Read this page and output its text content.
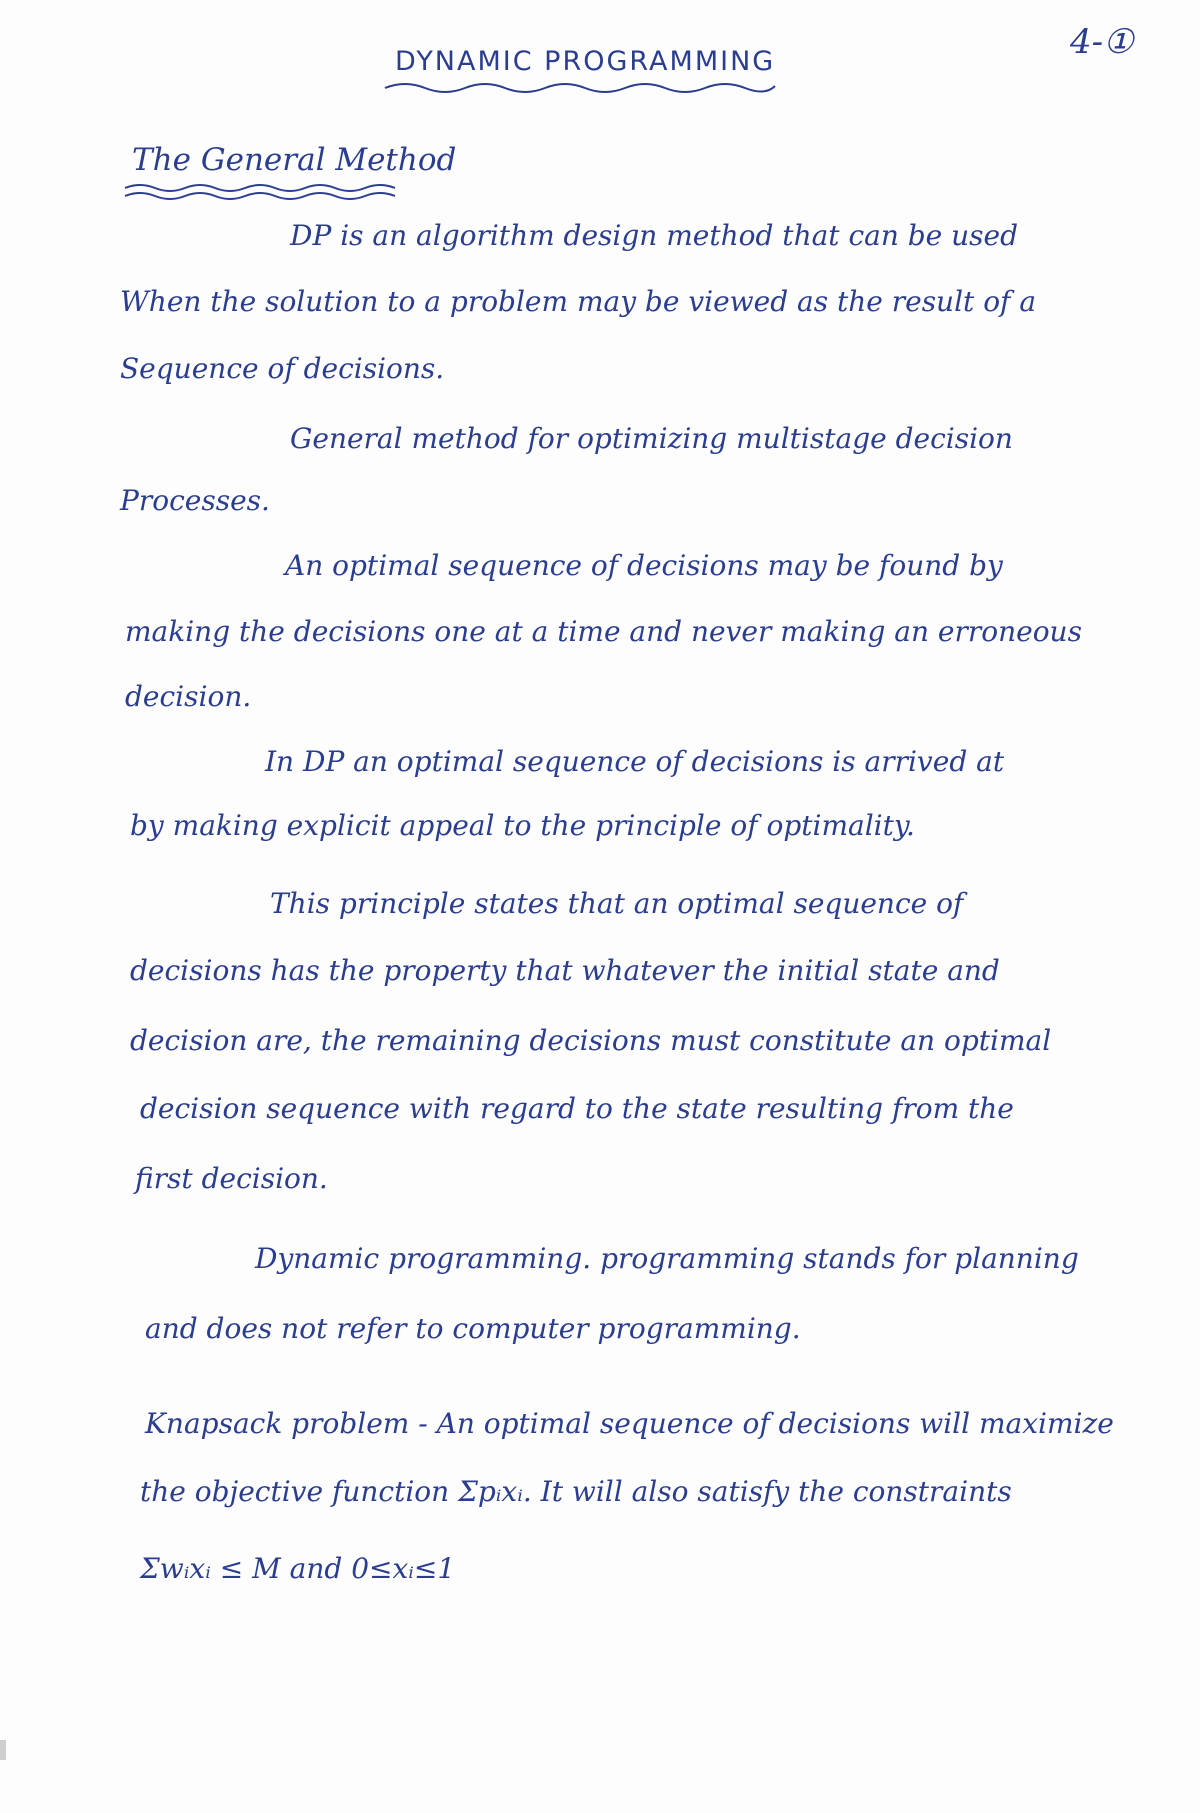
4-①
DYNAMIC PROGRAMMING
The General Method
DP is an algorithm design method that can be used
When the solution to a problem may be viewed as the result of a
Sequence of decisions.
General method for optimizing multistage decision
Processes.
An optimal sequence of decisions may be found by
making the decisions one at a time and never making an erroneous
decision.
In DP an optimal sequence of decisions is arrived at
by making explicit appeal to the principle of optimality.
This principle states that an optimal sequence of
decisions has the property that whatever the initial state and
decision are, the remaining decisions must constitute an optimal
decision sequence with regard to the state resulting from the
first decision.
Dynamic programming. programming stands for planning
and does not refer to computer programming.
Knapsack problem - An optimal sequence of decisions will maximize
the objective function Σpᵢxᵢ. It will also satisfy the constraints
Σwᵢxᵢ ≤ M and 0≤xᵢ≤1
